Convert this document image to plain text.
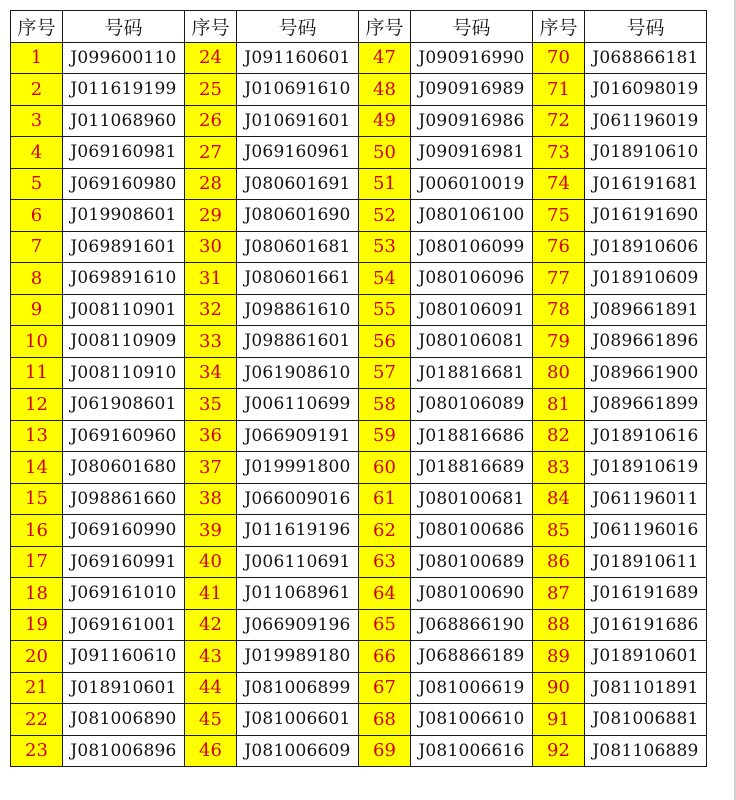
序号	号码	序号	号码	序号	号码	序号	号码
1	J099600110	24	J091160601	47	J090916990	70	J068866181
2	J011619199	25	J010691610	48	J090916989	71	J016098019
3	J011068960	26	J010691601	49	J090916986	72	J061196019
4	J069160981	27	J069160961	50	J090916981	73	J018910610
5	J069160980	28	J080601691	51	J006010019	74	J016191681
6	J019908601	29	J080601690	52	J080106100	75	J016191690
7	J069891601	30	J080601681	53	J080106099	76	J018910606
8	J069891610	31	J080601661	54	J080106096	77	J018910609
9	J008110901	32	J098861610	55	J080106091	78	J089661891
10	J008110909	33	J098861601	56	J080106081	79	J089661896
11	J008110910	34	J061908610	57	J018816681	80	J089661900
12	J061908601	35	J006110699	58	J080106089	81	J089661899
13	J069160960	36	J066909191	59	J018816686	82	J018910616
14	J080601680	37	J019991800	60	J018816689	83	J018910619
15	J098861660	38	J066009016	61	J080100681	84	J061196011
16	J069160990	39	J011619196	62	J080100686	85	J061196016
17	J069160991	40	J006110691	63	J080100689	86	J018910611
18	J069161010	41	J011068961	64	J080100690	87	J016191689
19	J069161001	42	J066909196	65	J068866190	88	J016191686
20	J091160610	43	J019989180	66	J068866189	89	J018910601
21	J018910601	44	J081006899	67	J081006619	90	J081101891
22	J081006890	45	J081006601	68	J081006610	91	J081006881
23	J081006896	46	J081006609	69	J081006616	92	J081106889
